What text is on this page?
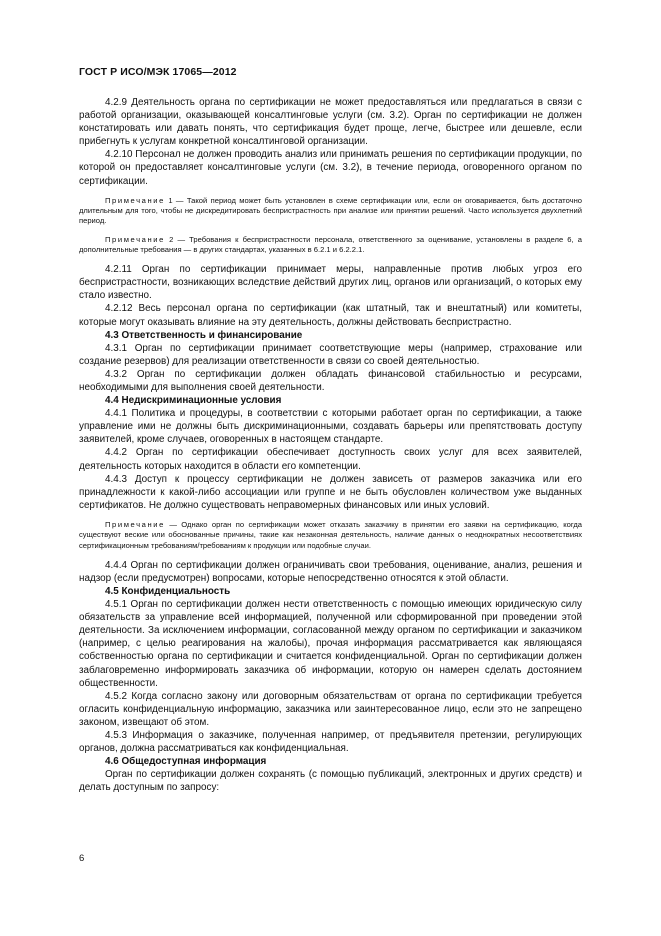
ГОСТ Р ИСО/МЭК 17065—2012

4.2.9 Деятельность органа по сертификации не может предоставляться или предлагаться в связи с работой организации, оказывающей консалтинговые услуги (см. 3.2). Орган по сертификации не должен констатировать или давать понять, что сертификация будет проще, легче, быстрее или дешевле, если прибегнуть к услугам конкретной консалтинговой организации.

4.2.10 Персонал не должен проводить анализ или принимать решения по сертификации продукции, по которой он предоставляет консалтинговые услуги (см. 3.2), в течение периода, оговоренного органом по сертификации.

Примечание 1 — Такой период может быть установлен в схеме сертификации или, если он оговаривается, быть достаточно длительным для того, чтобы не дискредитировать беспристрастность при анализе или принятии решений. Часто используется двухлетний период.

Примечание 2 — Требования к беспристрастности персонала, ответственного за оценивание, установлены в разделе 6, а дополнительные требования — в других стандартах, указанных в 6.2.1 и 6.2.2.1.

4.2.11 Орган по сертификации принимает меры, направленные против любых угроз его беспристрастности, возникающих вследствие действий других лиц, органов или организаций, о которых ему стало известно.

4.2.12 Весь персонал органа по сертификации (как штатный, так и внештатный) или комитеты, которые могут оказывать влияние на эту деятельность, должны действовать беспристрастно.

4.3 Ответственность и финансирование

4.3.1 Орган по сертификации принимает соответствующие меры (например, страхование или создание резервов) для реализации ответственности в связи со своей деятельностью.

4.3.2 Орган по сертификации должен обладать финансовой стабильностью и ресурсами, необходимыми для выполнения своей деятельности.

4.4 Недискриминационные условия

4.4.1 Политика и процедуры, в соответствии с которыми работает орган по сертификации, а также управление ими не должны быть дискриминационными, создавать барьеры или препятствовать доступу заявителей, кроме случаев, оговоренных в настоящем стандарте.

4.4.2 Орган по сертификации обеспечивает доступность своих услуг для всех заявителей, деятельность которых находится в области его компетенции.

4.4.3 Доступ к процессу сертификации не должен зависеть от размеров заказчика или его принадлежности к какой-либо ассоциации или группе и не быть обусловлен количеством уже выданных сертификатов. Не должно существовать неправомерных финансовых или иных условий.

Примечание — Однако орган по сертификации может отказать заказчику в принятии его заявки на сертификацию, когда существуют веские или обоснованные причины, такие как незаконная деятельность, наличие данных о неоднократных несоответствиях сертификационным требованиям/требованиям к продукции или подобные случаи.

4.4.4 Орган по сертификации должен ограничивать свои требования, оценивание, анализ, решения и надзор (если предусмотрен) вопросами, которые непосредственно относятся к этой области.

4.5 Конфиденциальность

4.5.1 Орган по сертификации должен нести ответственность с помощью имеющих юридическую силу обязательств за управление всей информацией, полученной или сформированной при проведении этой деятельности. За исключением информации, согласованной между органом по сертификации и заказчиком (например, с целью реагирования на жалобы), прочая информация рассматривается как являющаяся собственностью органа по сертификации и считается конфиденциальной. Орган по сертификации должен заблаговременно информировать заказчика об информации, которую он намерен сделать достоянием общественности.

4.5.2 Когда согласно закону или договорным обязательствам от органа по сертификации требуется огласить конфиденциальную информацию, заказчика или заинтересованное лицо, если это не запрещено законом, извещают об этом.

4.5.3 Информация о заказчике, полученная например, от предъявителя претензии, регулирующих органов, должна рассматриваться как конфиденциальная.

4.6 Общедоступная информация

Орган по сертификации должен сохранять (с помощью публикаций, электронных и других средств) и делать доступным по запросу:

6
